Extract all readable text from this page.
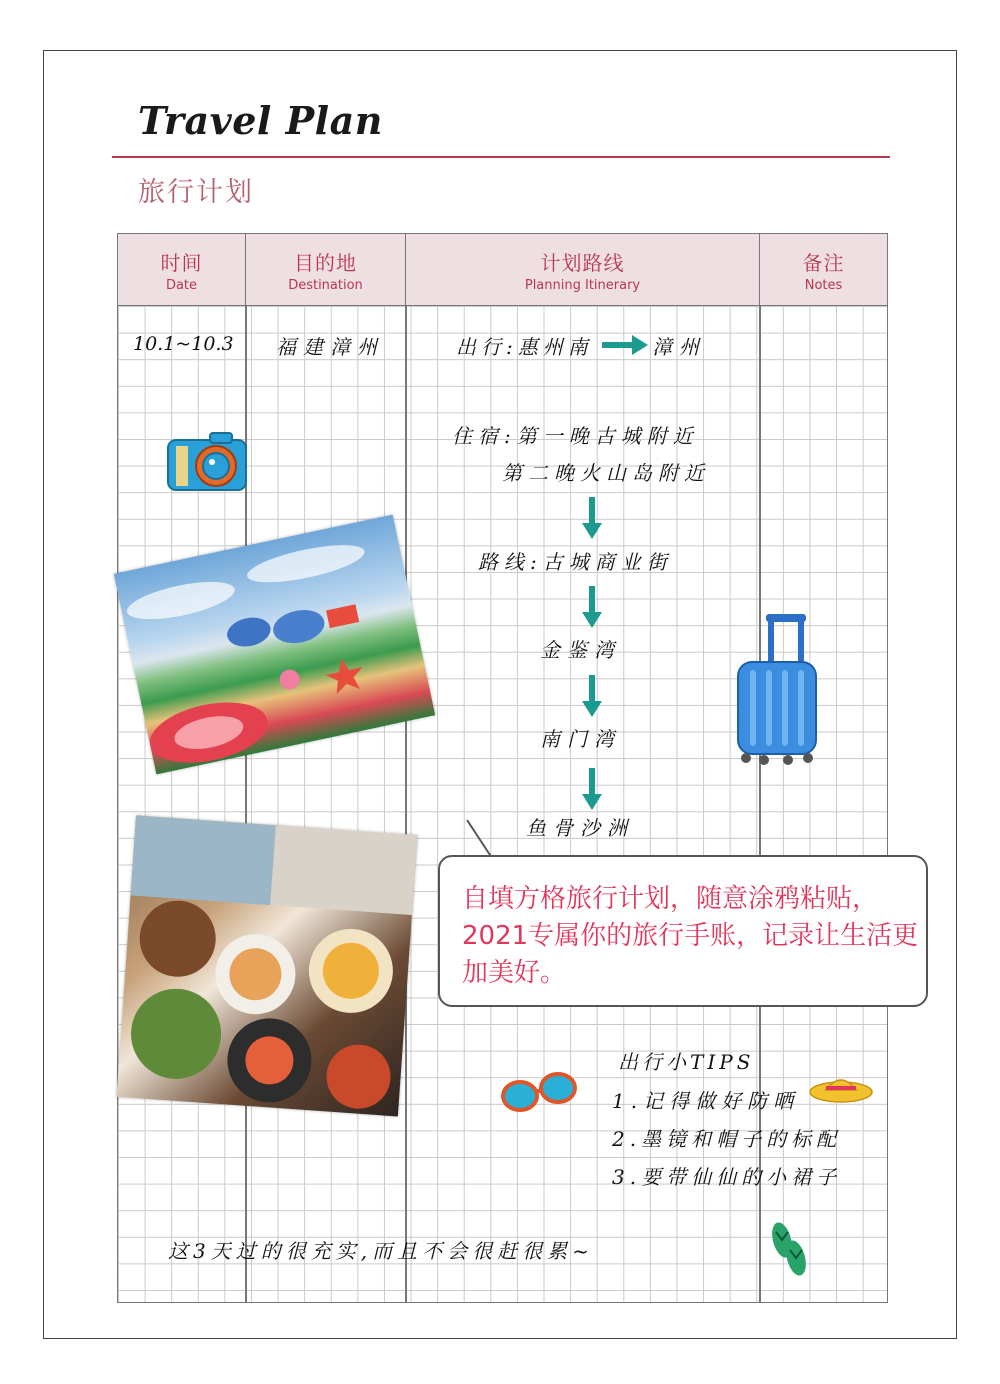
Travel Plan
旅行计划
时间
Date
目的地
Destination
计划路线
Planning Itinerary
备注
Notes
10.1~10.3 福建漳州	出行:惠州南	漳州
住宿:第一晚古城附近
第二晚火山岛附近
路线:古城商业街
金鉴湾
南门湾
鱼骨沙洲
自填方格旅行计划，随意涂鸦粘贴，2021专属你的旅行手账，记录让生活更加美好。
出行小TIPS
1.记得做好防晒
2.墨镜和帽子的标配
3.要带仙仙的小裙子
这3天过的很充实,而且不会很赶很累~
